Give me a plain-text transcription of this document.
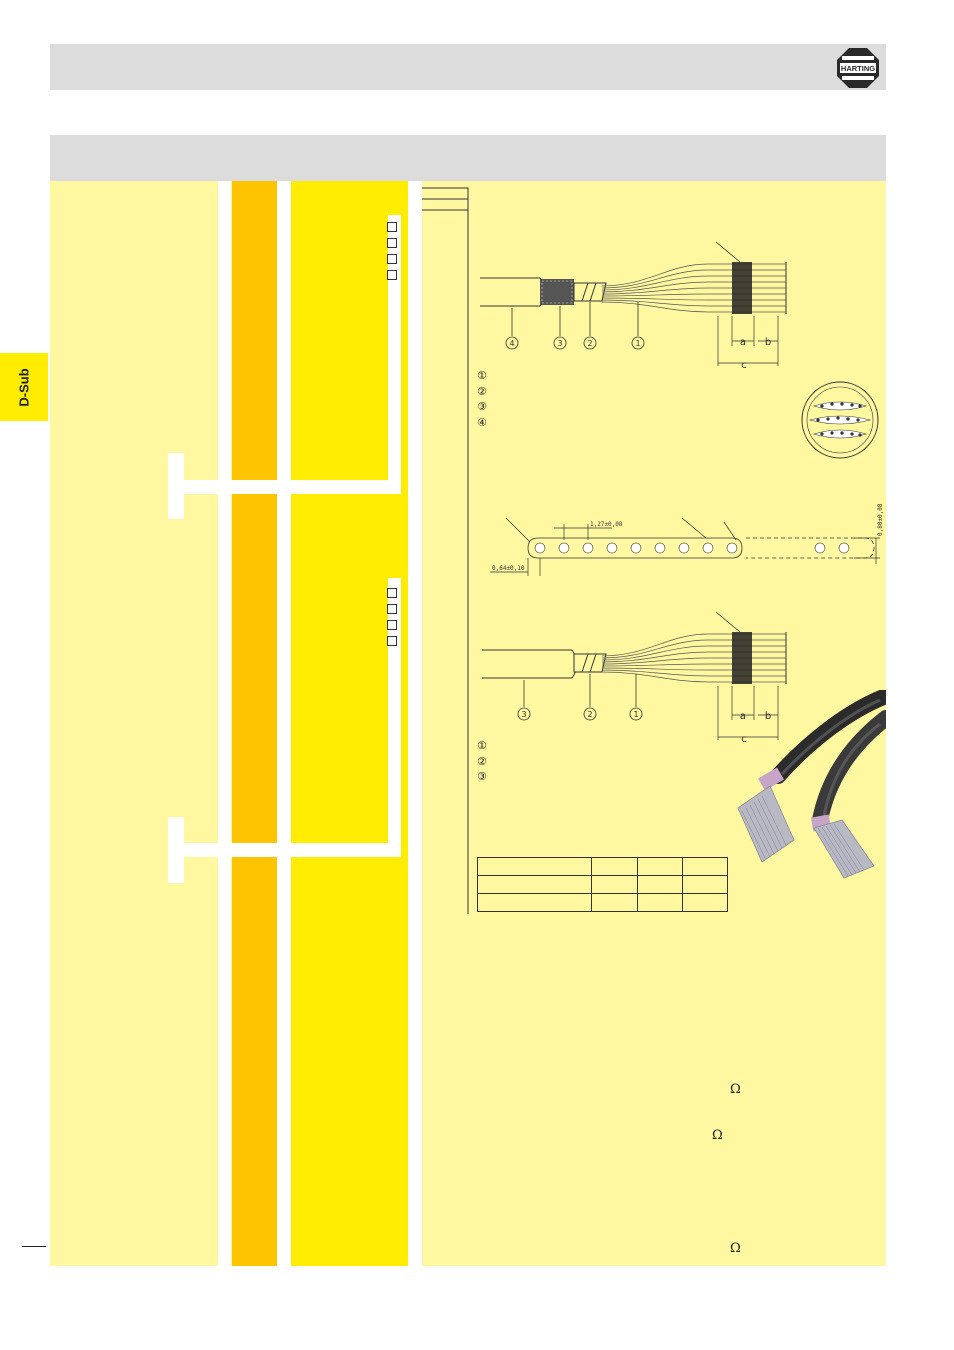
HARTING
4	3	2	1	a b
c
①
②
③
④
1,27±0,08
0,64±0,10
0,80±0,08
3	2	1	a b
c
①
②
③

Ω
Ω
Ω
D-Sub
